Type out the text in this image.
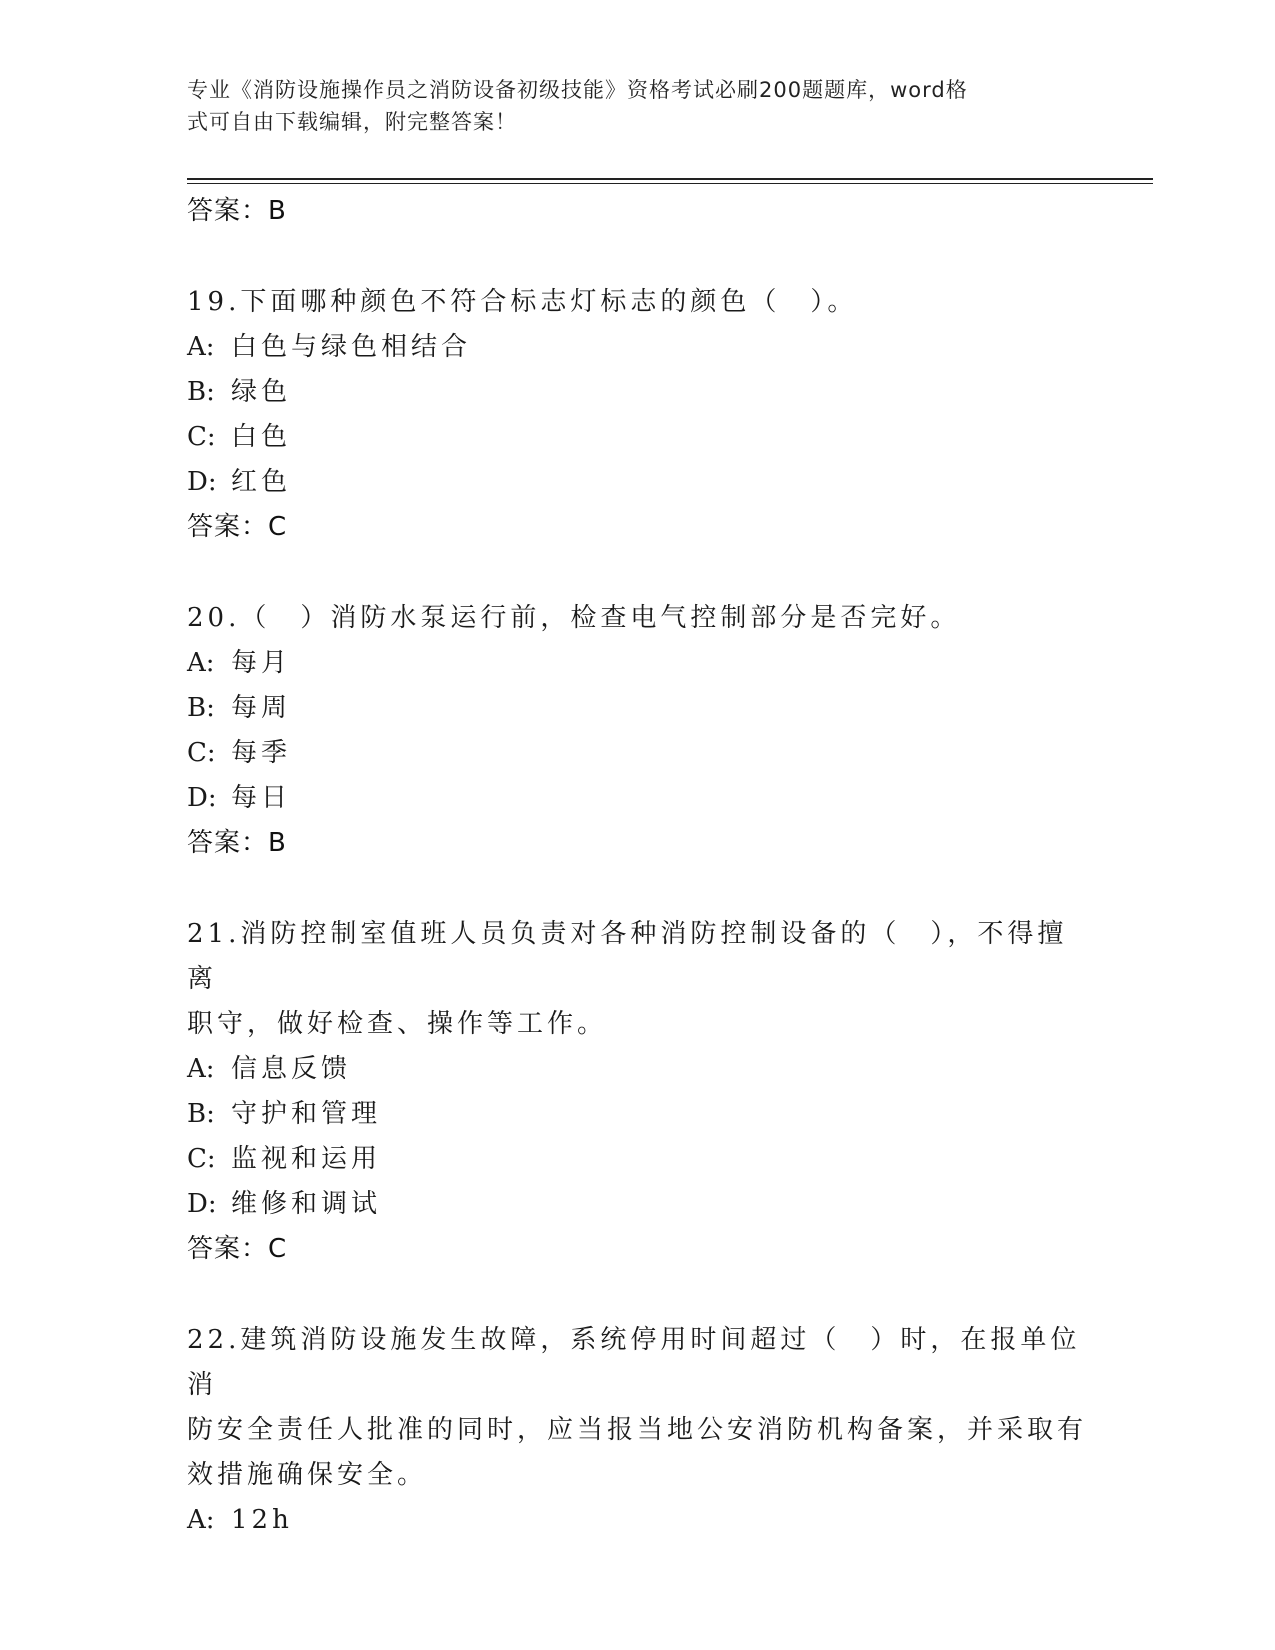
专业《消防设施操作员之消防设备初级技能》资格考试必刷200题题库，word格
式可自由下载编辑，附完整答案！
答案：B
19.下面哪种颜色不符合标志灯标志的颜色（　）。
A: 白色与绿色相结合
B: 绿色
C: 白色
D: 红色
答案：C
20.（　）消防水泵运行前，检查电气控制部分是否完好。
A: 每月
B: 每周
C: 每季
D: 每日
答案：B
21.消防控制室值班人员负责对各种消防控制设备的（　），不得擅离
职守，做好检查、操作等工作。
A: 信息反馈
B: 守护和管理
C: 监视和运用
D: 维修和调试
答案：C
22.建筑消防设施发生故障，系统停用时间超过（　）时，在报单位消
防安全责任人批准的同时，应当报当地公安消防机构备案，并采取有
效措施确保安全。
A: 12h
